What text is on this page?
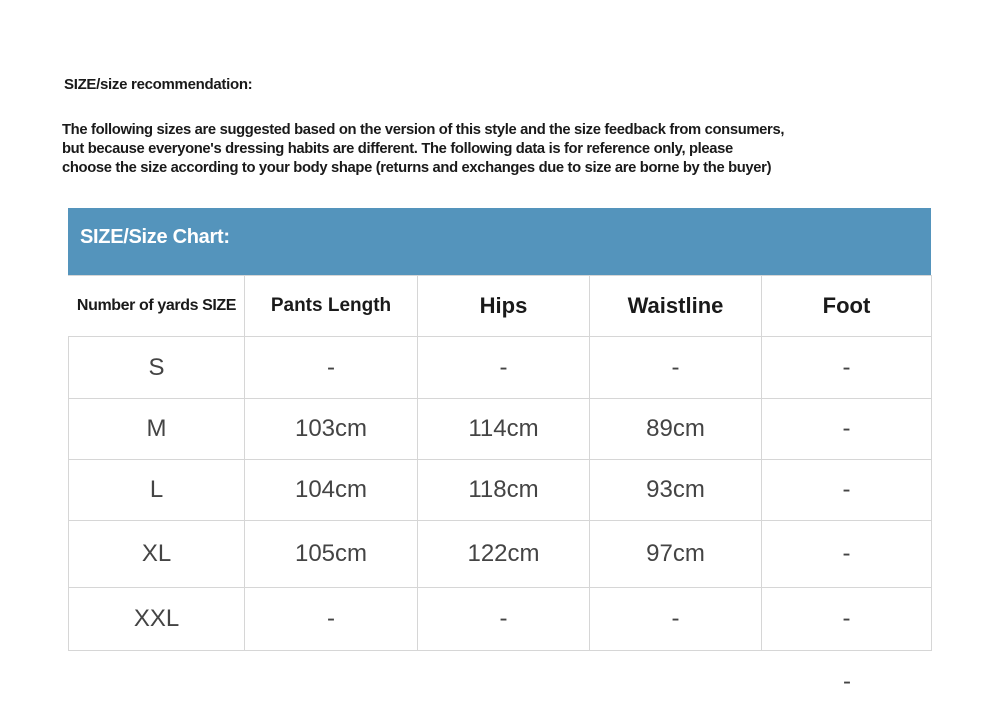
SIZE/size recommendation:
The following sizes are suggested based on the version of this style and the size feedback from consumers,
but because everyone's dressing habits are different. The following data is for reference only, please
choose the size according to your body shape (returns and exchanges due to size are borne by the buyer)
SIZE/Size Chart:
Number of yards SIZE	Pants Length	Hips	Waistline	Foot
S	-	-	-	-
M	103cm	114cm	89cm	-
L	104cm	118cm	93cm	-
XL	105cm	122cm	97cm	-
XXL	-	-	-	-
-
